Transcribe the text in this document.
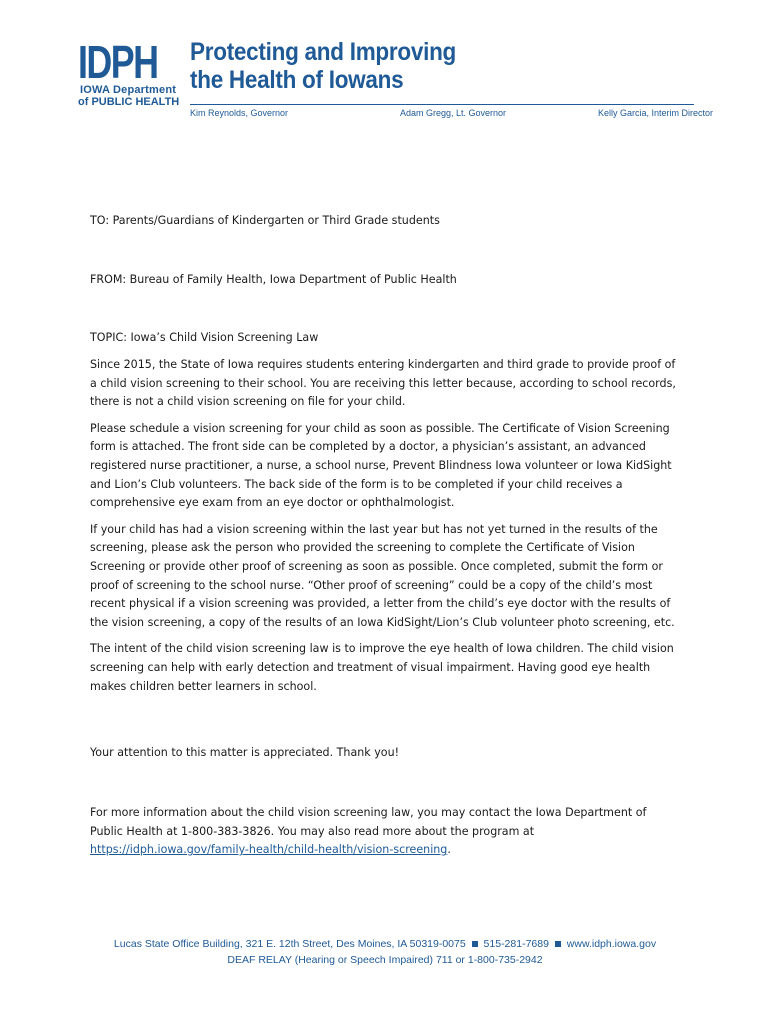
IDPH
IOWA Department
of PUBLIC HEALTH
Protecting and Improving
the Health of Iowans
Kim Reynolds, Governor	Adam Gregg, Lt. Governor	Kelly Garcia, Interim Director

TO: Parents/Guardians of Kindergarten or Third Grade students

FROM: Bureau of Family Health, Iowa Department of Public Health

TOPIC: Iowa’s Child Vision Screening Law

Since 2015, the State of Iowa requires students entering kindergarten and third grade to provide proof of a child vision screening to their school. You are receiving this letter because, according to school records, there is not a child vision screening on file for your child.

Please schedule a vision screening for your child as soon as possible. The Certificate of Vision Screening form is attached. The front side can be completed by a doctor, a physician’s assistant, an advanced registered nurse practitioner, a nurse, a school nurse, Prevent Blindness Iowa volunteer or Iowa KidSight and Lion’s Club volunteers. The back side of the form is to be completed if your child receives a comprehensive eye exam from an eye doctor or ophthalmologist.

If your child has had a vision screening within the last year but has not yet turned in the results of the screening, please ask the person who provided the screening to complete the Certificate of Vision Screening or provide other proof of screening as soon as possible. Once completed, submit the form or proof of screening to the school nurse. “Other proof of screening” could be a copy of the child’s most recent physical if a vision screening was provided, a letter from the child’s eye doctor with the results of the vision screening, a copy of the results of an Iowa KidSight/Lion’s Club volunteer photo screening, etc.

The intent of the child vision screening law is to improve the eye health of Iowa children. The child vision screening can help with early detection and treatment of visual impairment. Having good eye health makes children better learners in school.

Your attention to this matter is appreciated. Thank you!

For more information about the child vision screening law, you may contact the Iowa Department of Public Health at 1-800-383-3826. You may also read more about the program at
https://idph.iowa.gov/family-health/child-health/vision-screening.

Lucas State Office Building, 321 E. 12th Street, Des Moines, IA 50319-0075 515-281-7689 www.idph.iowa.gov
DEAF RELAY (Hearing or Speech Impaired) 711 or 1-800-735-2942
